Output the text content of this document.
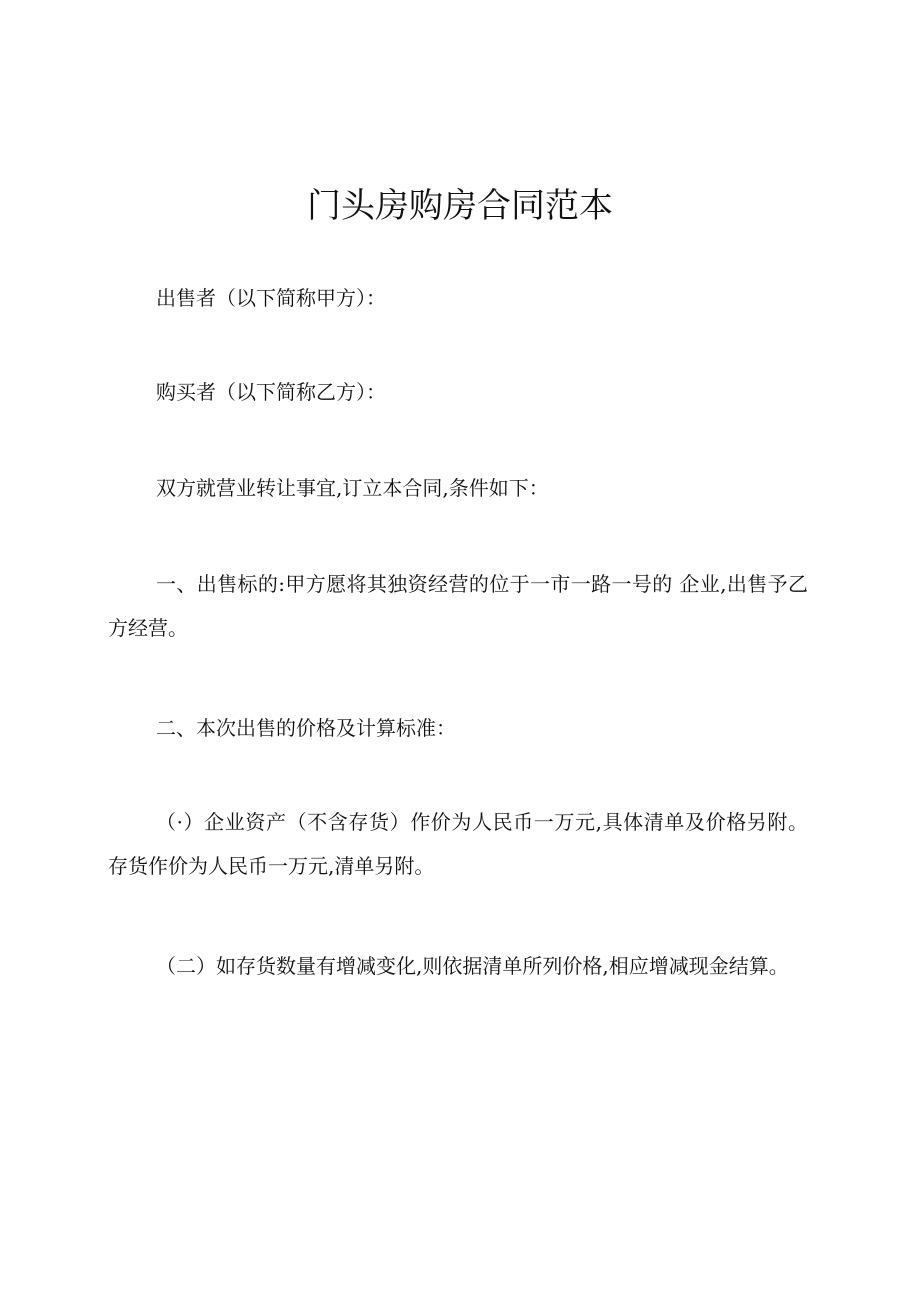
门头房购房合同范本

出售者（以下简称甲方）：

购买者（以下简称乙方）：

双方就营业转让事宜,订立本合同,条件如下：

一、出售标的:甲方愿将其独资经营的位于一市一路一号的 企业,出售予乙方经营。

二、本次出售的价格及计算标准：

（·）企业资产（不含存货）作价为人民币一万元,具体清单及价格另附。存货作价为人民币一万元,清单另附。

（二）如存货数量有增减变化,则依据清单所列价格,相应增减现金结算。
